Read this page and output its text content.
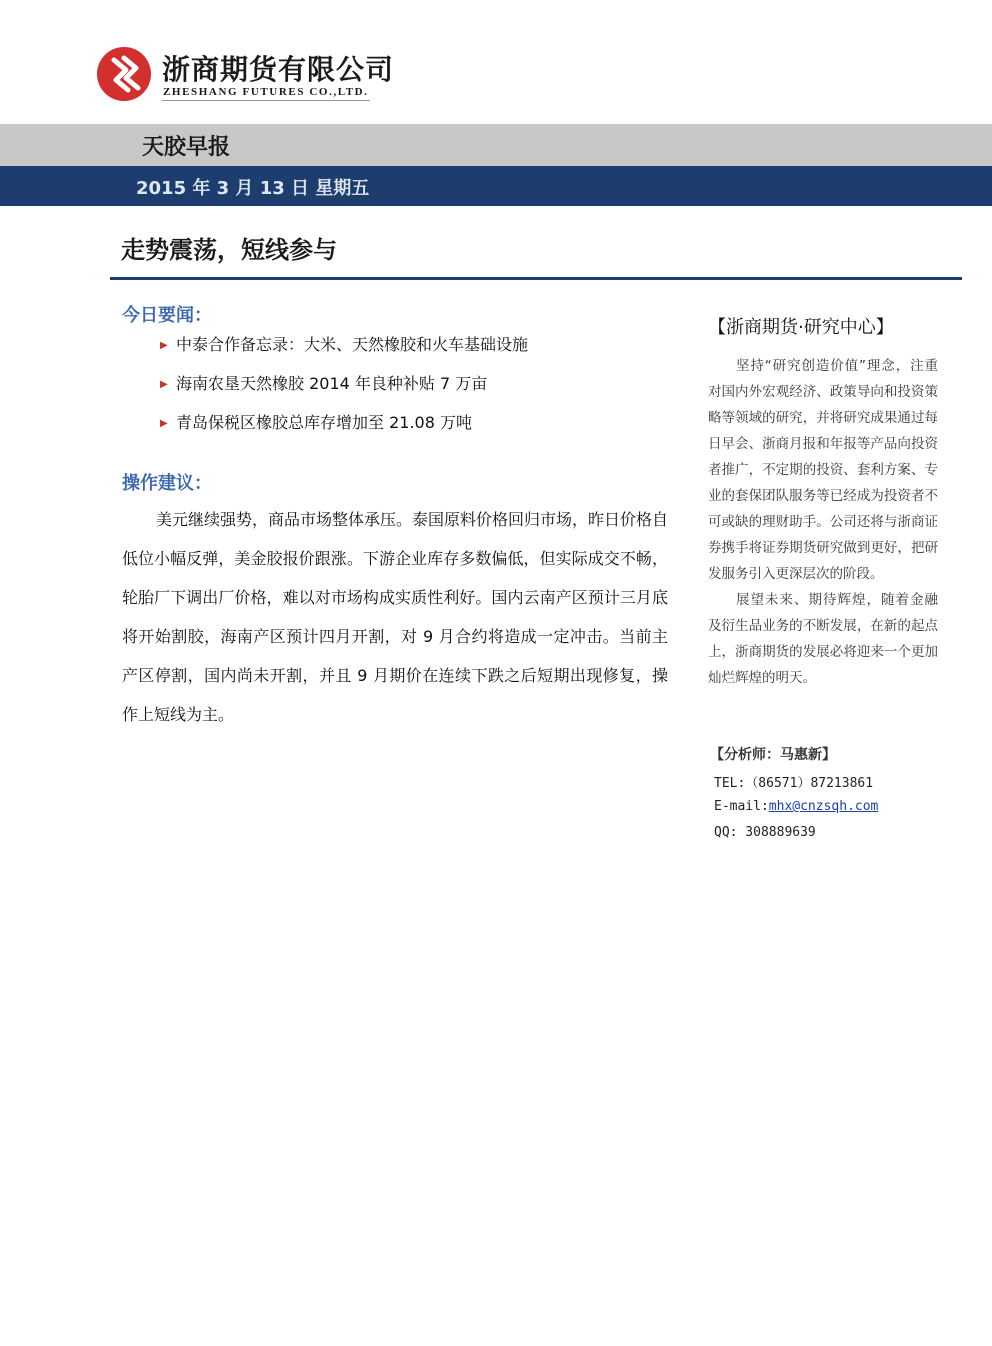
浙商期货有限公司
ZHESHANG FUTURES CO.,LTD.
天胶早报
2015 年 3 月 13 日 星期五
走势震荡，短线参与
今日要闻：
▶ 中泰合作备忘录：大米、天然橡胶和火车基础设施
▶ 海南农垦天然橡胶 2014 年良种补贴 7 万亩
▶ 青岛保税区橡胶总库存增加至 21.08 万吨
操作建议：

美元继续强势，商品市场整体承压。泰国原料价格回归市场，昨日价格自低位小幅反弹，美金胶报价跟涨。下游企业库存多数偏低，但实际成交不畅，轮胎厂下调出厂价格，难以对市场构成实质性利好。国内云南产区预计三月底将开始割胶，海南产区预计四月开割，对 9 月合约将造成一定冲击。当前主产区停割，国内尚未开割，并且 9 月期价在连续下跌之后短期出现修复，操作上短线为主。

【浙商期货·研究中心】

坚持“研究创造价值”理念，注重对国内外宏观经济、政策导向和投资策略等领域的研究，并将研究成果通过每日早会、浙商月报和年报等产品向投资者推广，不定期的投资、套利方案、专业的套保团队服务等已经成为投资者不可或缺的理财助手。公司还将与浙商证券携手将证券期货研究做到更好，把研发服务引入更深层次的阶段。

展望未来、期待辉煌，随着金融及衍生品业务的不断发展，在新的起点上，浙商期货的发展必将迎来一个更加灿烂辉煌的明天。

【分析师：马惠新】
TEL:（86571）87213861
E-mail:mhx@cnzsqh.com
QQ: 308889639
